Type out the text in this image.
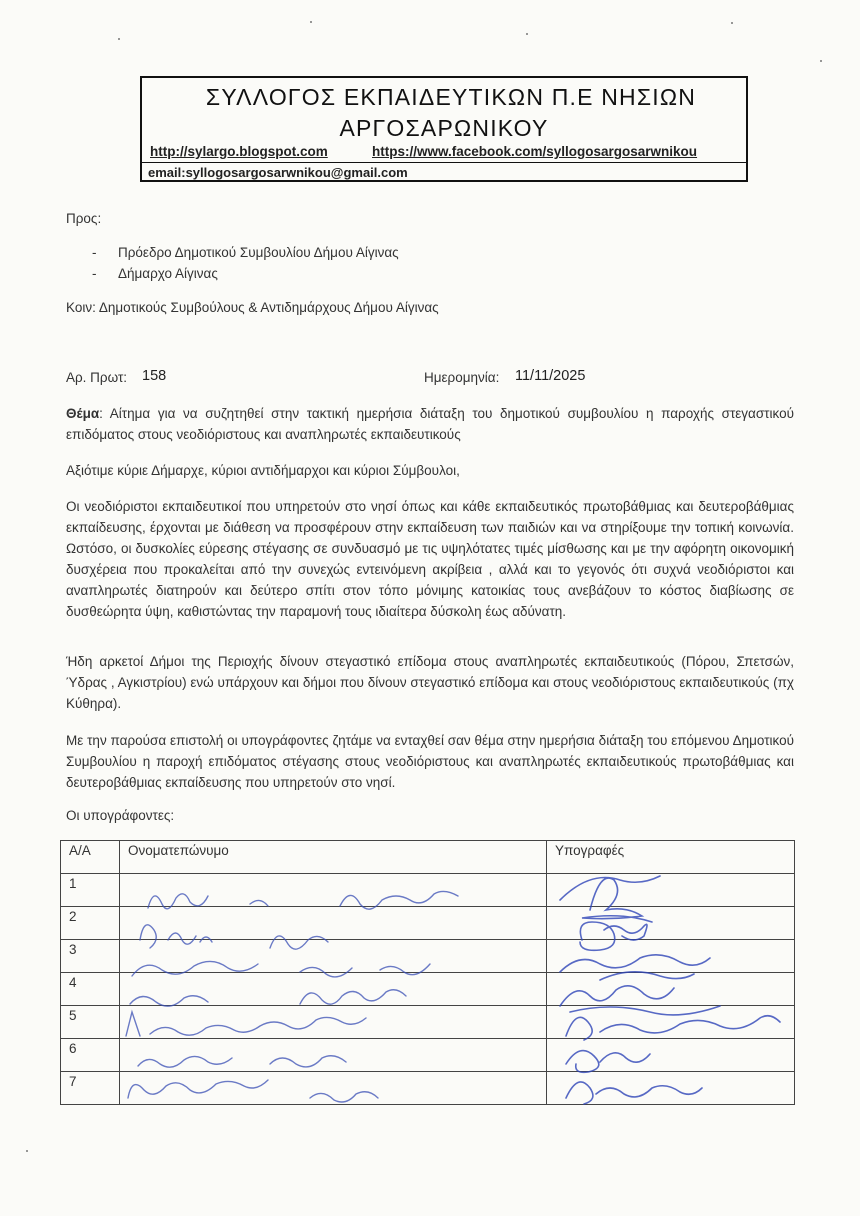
ΣΥΛΛΟΓΟΣ ΕΚΠΑΙΔΕΥΤΙΚΩΝ Π.Ε ΝΗΣΙΩΝ
ΑΡΓΟΣΑΡΩΝΙΚΟΥ
http://sylargo.blogspot.com	https://www.facebook.com/syllogosargosarwnikou
email:syllogosargosarwnikou@gmail.com
Προς:
- Πρόεδρο Δημοτικού Συμβουλίου Δήμου Αίγινας
- Δήμαρχο Αίγινας
Κοιν: Δημοτικούς Συμβούλους & Αντιδημάρχους Δήμου Αίγινας
Αρ. Πρωτ: 158	Ημερομηνία: 11/11/2025
Θέμα: Αίτημα για να συζητηθεί στην τακτική ημερήσια διάταξη του δημοτικού συμβουλίου η παροχής στεγαστικού επιδόματος στους νεοδιόριστους και αναπληρωτές εκπαιδευτικούς
Αξιότιμε κύριε Δήμαρχε, κύριοι αντιδήμαρχοι και κύριοι Σύμβουλοι,
Οι νεοδιόριστοι εκπαιδευτικοί που υπηρετούν στο νησί όπως και κάθε εκπαιδευτικός πρωτοβάθμιας και δευτεροβάθμιας εκπαίδευσης, έρχονται με διάθεση να προσφέρουν στην εκπαίδευση των παιδιών και να στηρίξουμε την τοπική κοινωνία. Ωστόσο, οι δυσκολίες εύρεσης στέγασης σε συνδυασμό με τις υψηλότατες τιμές μίσθωσης και με την αφόρητη οικονομική δυσχέρεια που προκαλείται από την συνεχώς εντεινόμενη ακρίβεια , αλλά και το γεγονός ότι συχνά νεοδιόριστοι και αναπληρωτές διατηρούν και δεύτερο σπίτι στον τόπο μόνιμης κατοικίας τους ανεβάζουν το κόστος διαβίωσης σε δυσθεώρητα ύψη, καθιστώντας την παραμονή τους ιδιαίτερα δύσκολη έως αδύνατη.
Ήδη αρκετοί Δήμοι της Περιοχής δίνουν στεγαστικό επίδομα στους αναπληρωτές εκπαιδευτικούς (Πόρου, Σπετσών, Ύδρας , Αγκιστρίου) ενώ υπάρχουν και δήμοι που δίνουν στεγαστικό επίδομα και στους νεοδιόριστους εκπαιδευτικούς (πχ Κύθηρα).
Με την παρούσα επιστολή οι υπογράφοντες ζητάμε να ενταχθεί σαν θέμα στην ημερήσια διάταξη του επόμενου Δημοτικού Συμβουλίου η παροχή επιδόματος στέγασης στους νεοδιόριστους και αναπληρωτές εκπαιδευτικούς πρωτοβάθμιας και δευτεροβάθμιας εκπαίδευσης που υπηρετούν στο νησί.
Οι υπογράφοντες:
Α/Α	Ονοματεπώνυμο	Υπογραφές
1		
2		
3		
4		
5		
6		
7		
